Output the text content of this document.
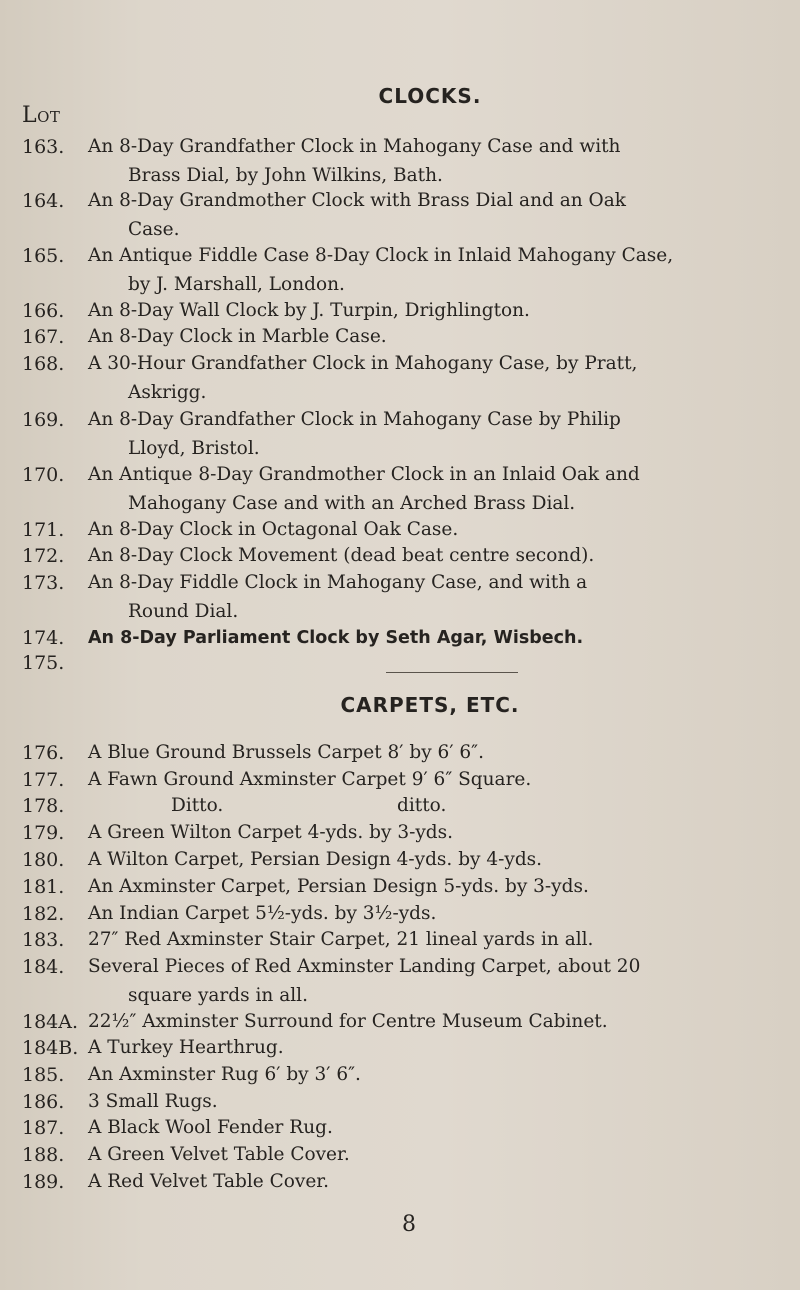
Lot
CLOCKS.
163. An 8-Day Grandfather Clock in Mahogany Case and with
Brass Dial, by John Wilkins, Bath.
164. An 8-Day Grandmother Clock with Brass Dial and an Oak
Case.
165. An Antique Fiddle Case 8-Day Clock in Inlaid Mahogany Case,
by J. Marshall, London.
166. An 8-Day Wall Clock by J. Turpin, Drighlington.
167. An 8-Day Clock in Marble Case.
168. A 30-Hour Grandfather Clock in Mahogany Case, by Pratt,
Askrigg.
169. An 8-Day Grandfather Clock in Mahogany Case by Philip
Lloyd, Bristol.
170. An Antique 8-Day Grandmother Clock in an Inlaid Oak and
Mahogany Case and with an Arched Brass Dial.
171. An 8-Day Clock in Octagonal Oak Case.
172. An 8-Day Clock Movement (dead beat centre second).
173. An 8-Day Fiddle Clock in Mahogany Case, and with a
Round Dial.
174. An 8-Day Parliament Clock by Seth Agar, Wisbech.
175.
CARPETS, ETC.
176. A Blue Ground Brussels Carpet 8′ by 6′ 6″.
177. A Fawn Ground Axminster Carpet 9′ 6″ Square.
178.	Ditto.	ditto.
179. A Green Wilton Carpet 4-yds. by 3-yds.
180. A Wilton Carpet, Persian Design 4-yds. by 4-yds.
181. An Axminster Carpet, Persian Design 5-yds. by 3-yds.
182. An Indian Carpet 5½-yds. by 3½-yds.
183. 27″ Red Axminster Stair Carpet, 21 lineal yards in all.
184. Several Pieces of Red Axminster Landing Carpet, about 20
square yards in all.
184A. 22½″ Axminster Surround for Centre Museum Cabinet.
184B. A Turkey Hearthrug.
185. An Axminster Rug 6′ by 3′ 6″.
186. 3 Small Rugs.
187. A Black Wool Fender Rug.
188. A Green Velvet Table Cover.
189. A Red Velvet Table Cover.
8
